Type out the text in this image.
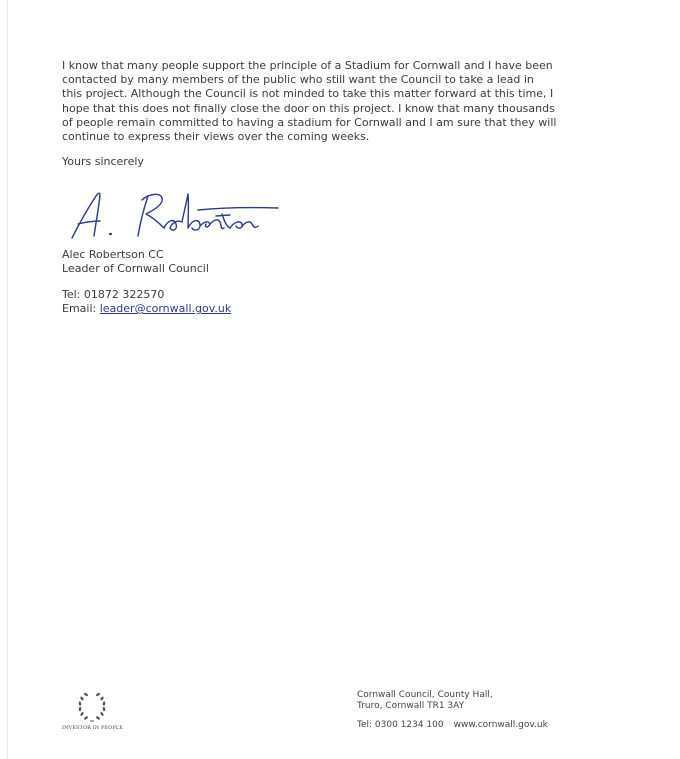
I know that many people support the principle of a Stadium for Cornwall and I have been contacted by many members of the public who still want the Council to take a lead in this project. Although the Council is not minded to take this matter forward at this time, I hope that this does not finally close the door on this project. I know that many thousands of people remain committed to having a stadium for Cornwall and I am sure that they will continue to express their views over the coming weeks.

Yours sincerely

Alec Robertson CC
Leader of Cornwall Council
Tel: 01872 322570
Email: leader@cornwall.gov.uk
INVESTOR IN PEOPLE
Cornwall Council, County Hall,
Truro, Cornwall TR1 3AY
Tel: 0300 1234 100 www.cornwall.gov.uk
